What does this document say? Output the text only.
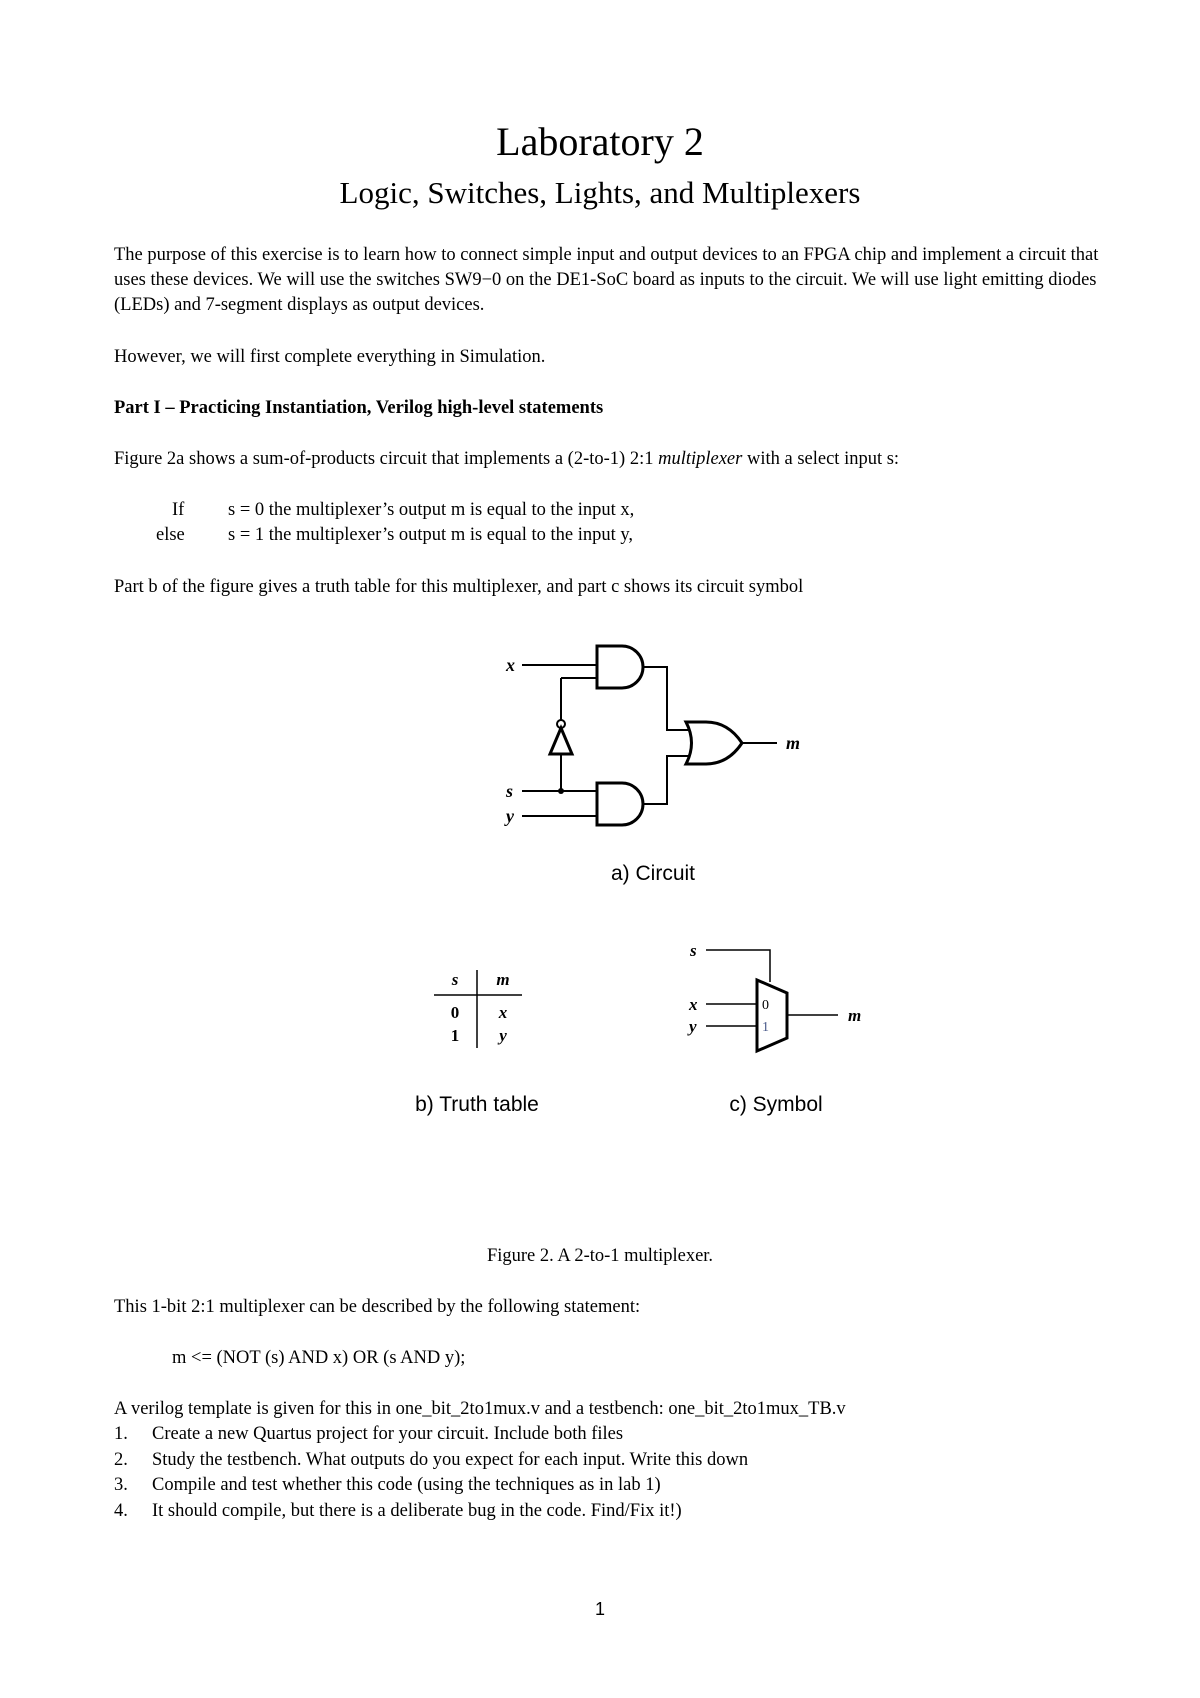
Laboratory 2
Logic, Switches, Lights, and Multiplexers
The purpose of this exercise is to learn how to connect simple input and output devices to an FPGA chip and implement a circuit that uses these devices. We will use the switches SW9−0 on the DE1-SoC board as inputs to the circuit. We will use light emitting diodes (LEDs) and 7-segment displays as output devices.
However, we will first complete everything in Simulation.
Part I – Practicing Instantiation, Verilog high-level statements
Figure 2a shows a sum-of-products circuit that implements a (2-to-1) 2:1 multiplexer with a select input s:
If s = 0 the multiplexer’s output m is equal to the input x,
else s = 1 the multiplexer’s output m is equal to the input y,
Part b of the figure gives a truth table for this multiplexer, and part c shows its circuit symbol
x
s
y
m
a) Circuit
s m
0 x
1 y
b) Truth table
s
x
y
m
0
1
c) Symbol
Figure 2. A 2-to-1 multiplexer.
This 1-bit 2:1 multiplexer can be described by the following statement:
m <= (NOT (s) AND x) OR (s AND y);
A verilog template is given for this in one_bit_2to1mux.v and a testbench: one_bit_2to1mux_TB.v
1. Create a new Quartus project for your circuit. Include both files
2. Study the testbench. What outputs do you expect for each input. Write this down
3. Compile and test whether this code (using the techniques as in lab 1)
4. It should compile, but there is a deliberate bug in the code. Find/Fix it!)
1
